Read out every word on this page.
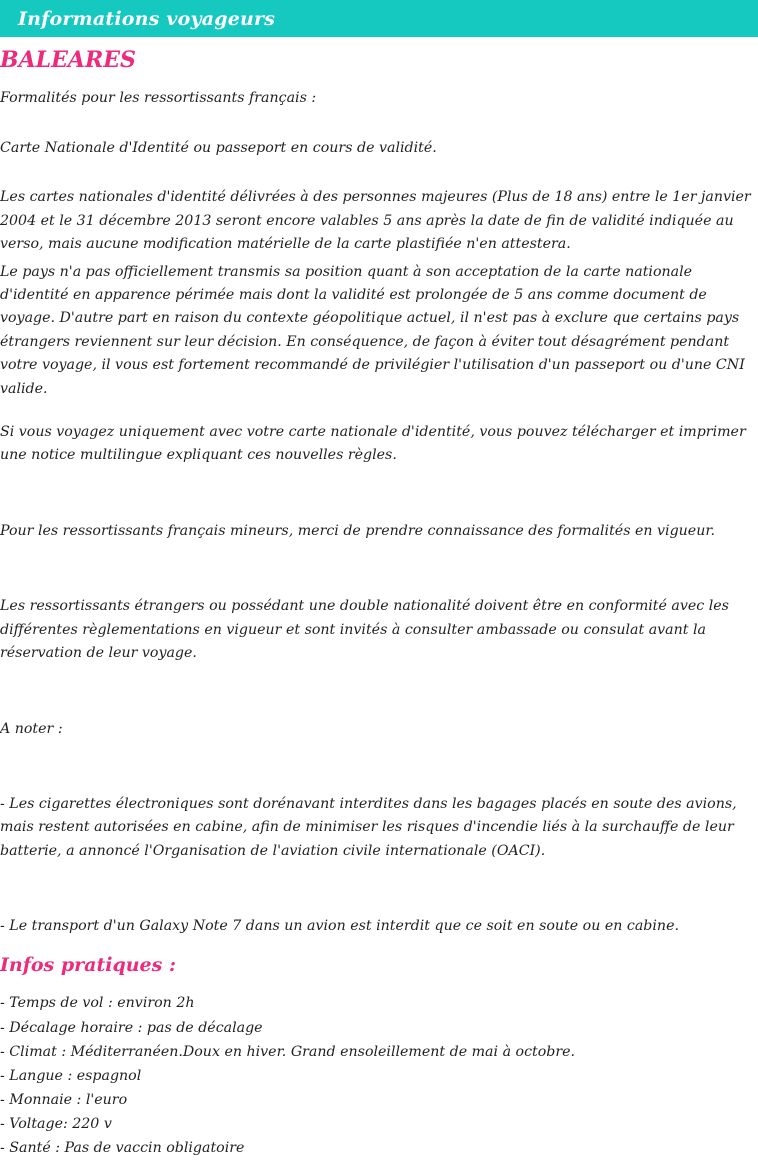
Informations voyageurs
BALEARES

Formalités pour les ressortissants français :

Carte Nationale d'Identité ou passeport en cours de validité.

Les cartes nationales d'identité délivrées à des personnes majeures (Plus de 18 ans) entre le 1er janvier 2004 et le 31 décembre 2013 seront encore valables 5 ans après la date de fin de validité indiquée au verso, mais aucune modification matérielle de la carte plastifiée n'en attestera.

Le pays n'a pas officiellement transmis sa position quant à son acceptation de la carte nationale d'identité en apparence périmée mais dont la validité est prolongée de 5 ans comme document de voyage. D'autre part en raison du contexte géopolitique actuel, il n'est pas à exclure que certains pays étrangers reviennent sur leur décision. En conséquence, de façon à éviter tout désagrément pendant votre voyage, il vous est fortement recommandé de privilégier l'utilisation d'un passeport ou d'une CNI valide.

Si vous voyagez uniquement avec votre carte nationale d'identité, vous pouvez télécharger et imprimer une notice multilingue expliquant ces nouvelles règles.

Pour les ressortissants français mineurs, merci de prendre connaissance des formalités en vigueur.

Les ressortissants étrangers ou possédant une double nationalité doivent être en conformité avec les différentes règlementations en vigueur et sont invités à consulter ambassade ou consulat avant la réservation de leur voyage.

A noter :

- Les cigarettes électroniques sont dorénavant interdites dans les bagages placés en soute des avions, mais restent autorisées en cabine, afin de minimiser les risques d'incendie liés à la surchauffe de leur batterie, a annoncé l'Organisation de l'aviation civile internationale (OACI).

- Le transport d'un Galaxy Note 7 dans un avion est interdit que ce soit en soute ou en cabine.

Infos pratiques :

- Temps de vol : environ 2h

- Décalage horaire : pas de décalage

- Climat : Méditerranéen.Doux en hiver. Grand ensoleillement de mai à octobre.

- Langue : espagnol

- Monnaie : l'euro

- Voltage: 220 v

- Santé : Pas de vaccin obligatoire
